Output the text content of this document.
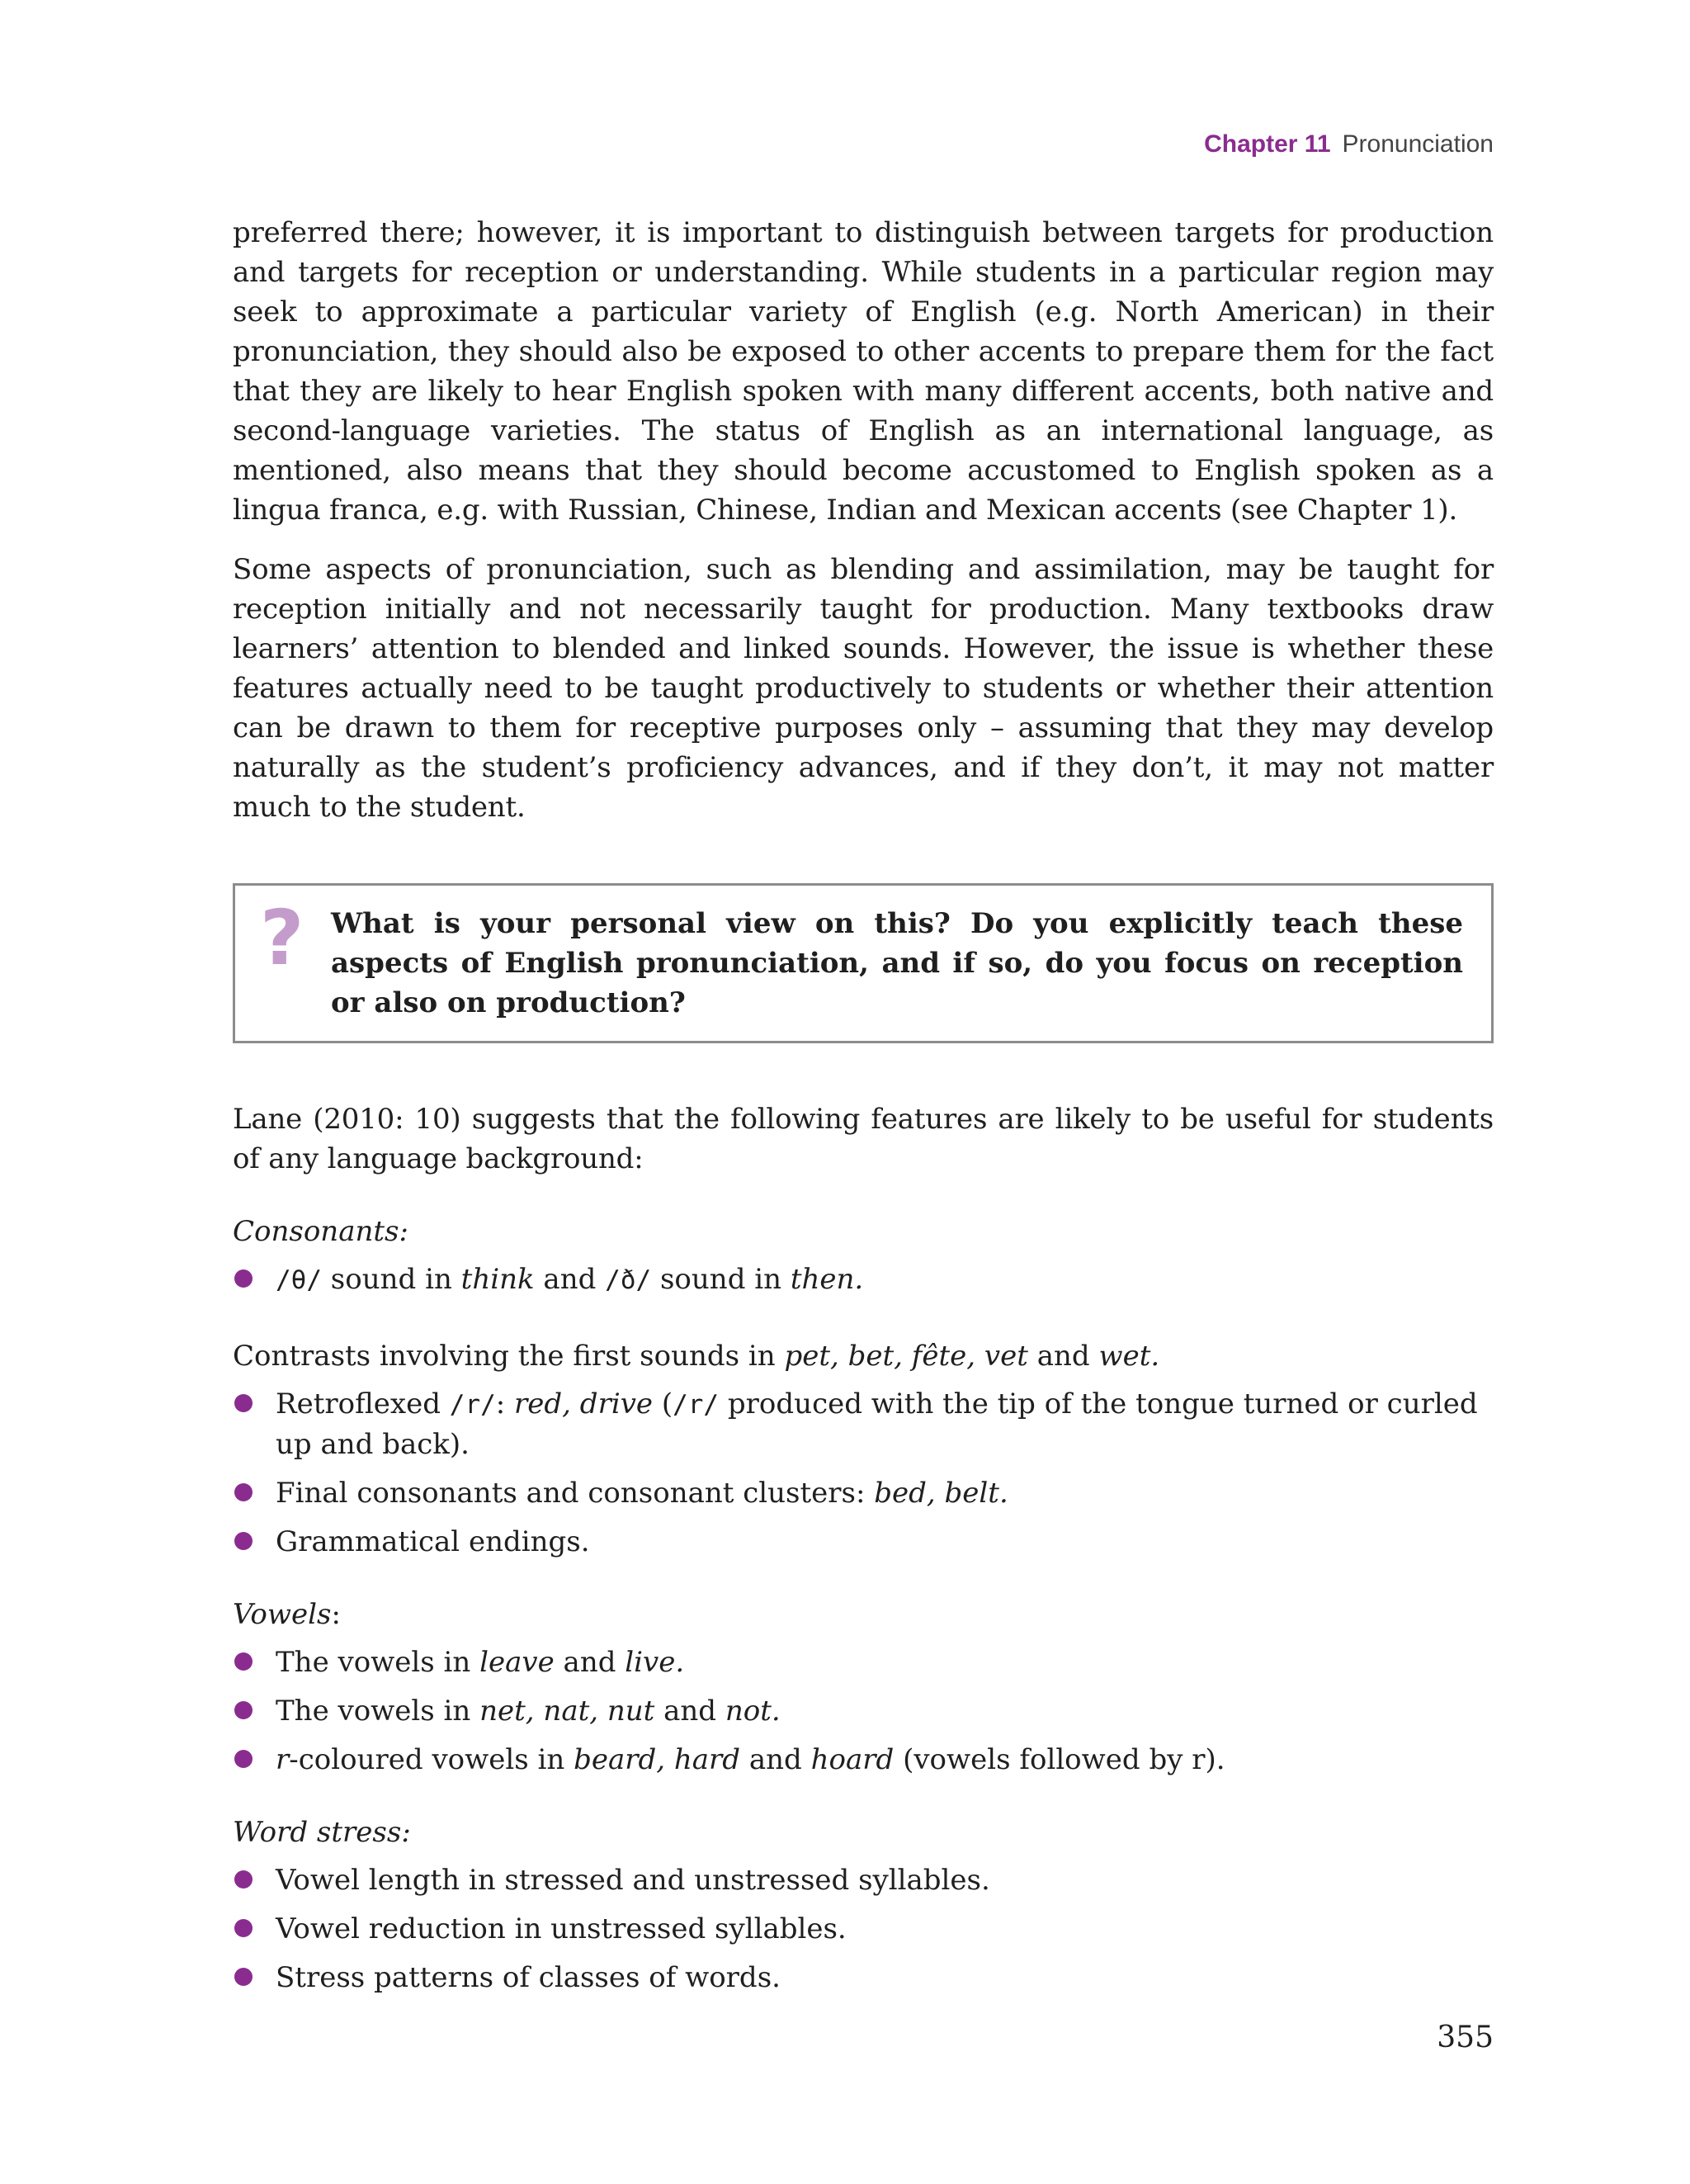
Chapter 11 Pronunciation

preferred there; however, it is important to distinguish between targets for production and targets for reception or understanding. While students in a particular region may seek to approximate a particular variety of English (e.g. North American) in their pronunciation, they should also be exposed to other accents to prepare them for the fact that they are likely to hear English spoken with many different accents, both native and second-language varieties. The status of English as an international language, as mentioned, also means that they should become accustomed to English spoken as a lingua franca, e.g. with Russian, Chinese, Indian and Mexican accents (see Chapter 1).

Some aspects of pronunciation, such as blending and assimilation, may be taught for reception initially and not necessarily taught for production. Many textbooks draw learners’ attention to blended and linked sounds. However, the issue is whether these features actually need to be taught productively to students or whether their attention can be drawn to them for receptive purposes only – assuming that they may develop naturally as the student’s proficiency advances, and if they don’t, it may not matter much to the student.

? What is your personal view on this? Do you explicitly teach these aspects of English pronunciation, and if so, do you focus on reception or also on production?

Lane (2010: 10) suggests that the following features are likely to be useful for students of any language background:

Consonants:
/θ/ sound in think and /ð/ sound in then.
Contrasts involving the first sounds in pet, bet, fête, vet and wet.
Retroflexed /r/: red, drive (/r/ produced with the tip of the tongue turned or curled up and back).
Final consonants and consonant clusters: bed, belt.
Grammatical endings.
Vowels:
The vowels in leave and live.
The vowels in net, nat, nut and not.
r-coloured vowels in beard, hard and hoard (vowels followed by r).
Word stress:
Vowel length in stressed and unstressed syllables.
Vowel reduction in unstressed syllables.
Stress patterns of classes of words.
355
